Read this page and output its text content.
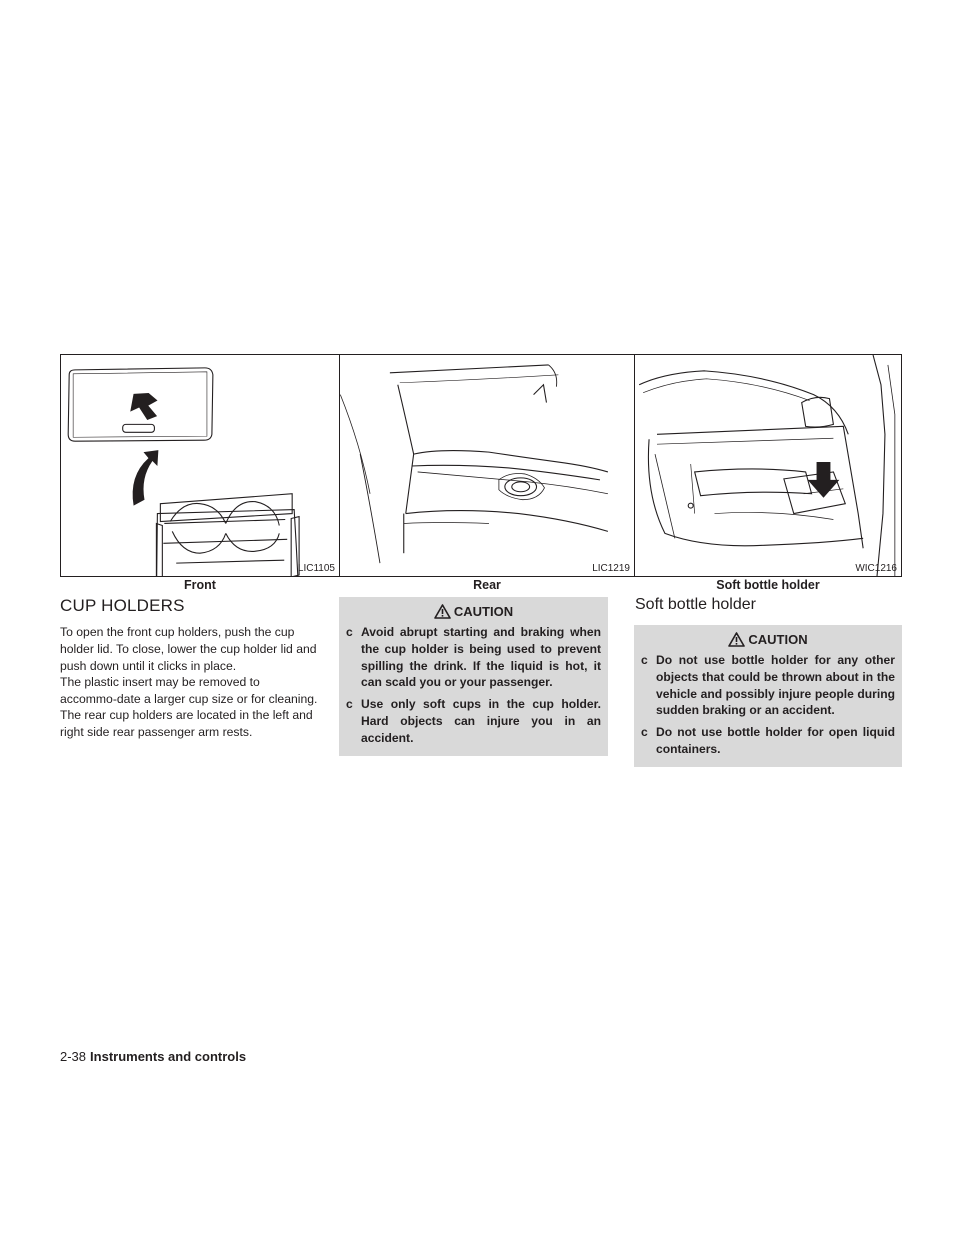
LIC1105	LIC1219	WIC1216
Front	Rear	Soft bottle holder
CUP HOLDERS

To open the front cup holders, push the cup holder lid. To close, lower the cup holder lid and push down until it clicks in place.

The plastic insert may be removed to accommo-date a larger cup size or for cleaning.

The rear cup holders are located in the left and right side rear passenger arm rests.

CAUTION
c Avoid abrupt starting and braking when the cup holder is being used to prevent spilling the drink. If the liquid is hot, it can scald you or your passenger.
c Use only soft cups in the cup holder. Hard objects can injure you in an accident.
Soft bottle holder
CAUTION
c Do not use bottle holder for any other objects that could be thrown about in the vehicle and possibly injure people during sudden braking or an accident.
c Do not use bottle holder for open liquid containers.
2-38 Instruments and controls
